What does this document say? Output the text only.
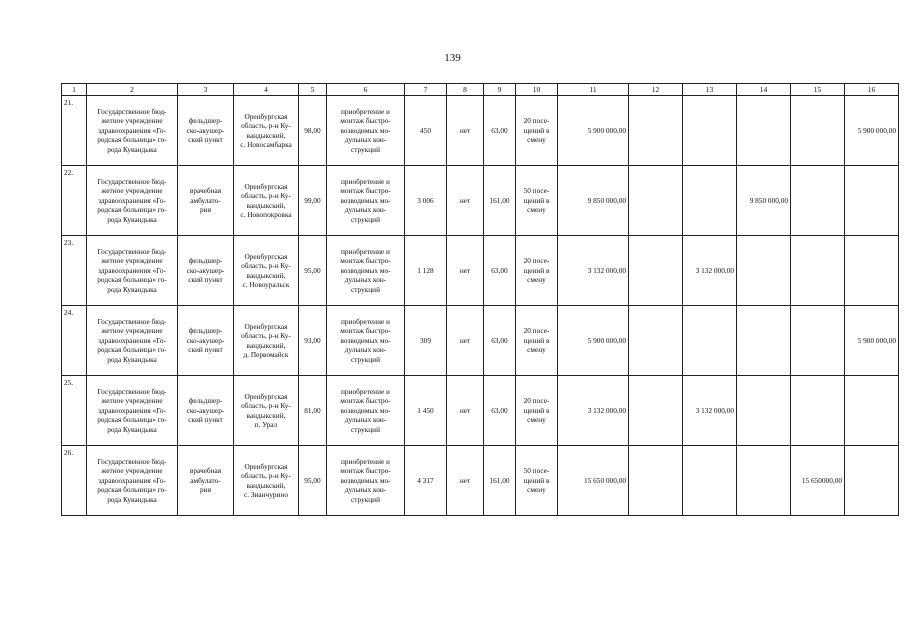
139
1	2	3	4	5	6	7	8	9	10	11	12	13	14	15	16
21.	Государственное бюд-
жетное учреждение
здравоохранения «Го-
родская больница» го-
рода Кувандыка	фельдшер-
ско-акушер-
ский пункт	Оренбургская
область, р-н Ку-
вандыкский,
с. Новосамбарка	98,00	приобретение и
монтаж быстро-
возводимых мо-
дульных кон-
струкций	450	нет	63,00	20 посе-
щений в
смену	5 900 000,00					5 900 000,00
22.	Государственное бюд-
жетное учреждение
здравоохранения «Го-
родская больница» го-
рода Кувандыка	врачебная
амбулато-
рия	Оренбургская
область, р-н Ку-
вандыкский,
с. Новопокровка	99,00	приобретение и
монтаж быстро-
возводимых мо-
дульных кон-
струкций	3 006	нет	161,00	50 посе-
щений в
смену	9 850 000,00			9 850 000,00		
23.	Государственное бюд-
жетное учреждение
здравоохранения «Го-
родская больница» го-
рода Кувандыка	фельдшер-
ско-акушер-
ский пункт	Оренбургская
область, р-н Ку-
вандыкский,
с. Новоуральск	95,00	приобретение и
монтаж быстро-
возводимых мо-
дульных кон-
струкций	1 128	нет	63,00	20 посе-
щений в
смену	3 132 000,00		3 132 000,00			
24.	Государственное бюд-
жетное учреждение
здравоохранения «Го-
родская больница» го-
рода Кувандыка	фельдшер-
ско-акушер-
ский пункт	Оренбургская
область, р-н Ку-
вандыкский,
д. Первомайск	93,00	приобретение и
монтаж быстро-
возводимых мо-
дульных кон-
струкций	309	нет	63,00	20 посе-
щений в
смену	5 900 000,00					5 900 000,00
25.	Государственное бюд-
жетное учреждение
здравоохранения «Го-
родская больница» го-
рода Кувандыка	фельдшер-
ско-акушер-
ский пункт	Оренбургская
область, р-н Ку-
вандыкский,
п. Урал	81,00	приобретение и
монтаж быстро-
возводимых мо-
дульных кон-
струкций	1 450	нет	63,00	20 посе-
щений в
смену	3 132 000,00		3 132 000,00			
26.	Государственное бюд-
жетное учреждение
здравоохранения «Го-
родская больница» го-
рода Кувандыка	врачебная
амбулато-
рия	Оренбургская
область, р-н Ку-
вандыкский,
с. Зианчурино	95,00	приобретение и
монтаж быстро-
возводимых мо-
дульных кон-
струкций	4 317	нет	161,00	50 посе-
щений в
смену	15 650 000,00				15 650000,00	
